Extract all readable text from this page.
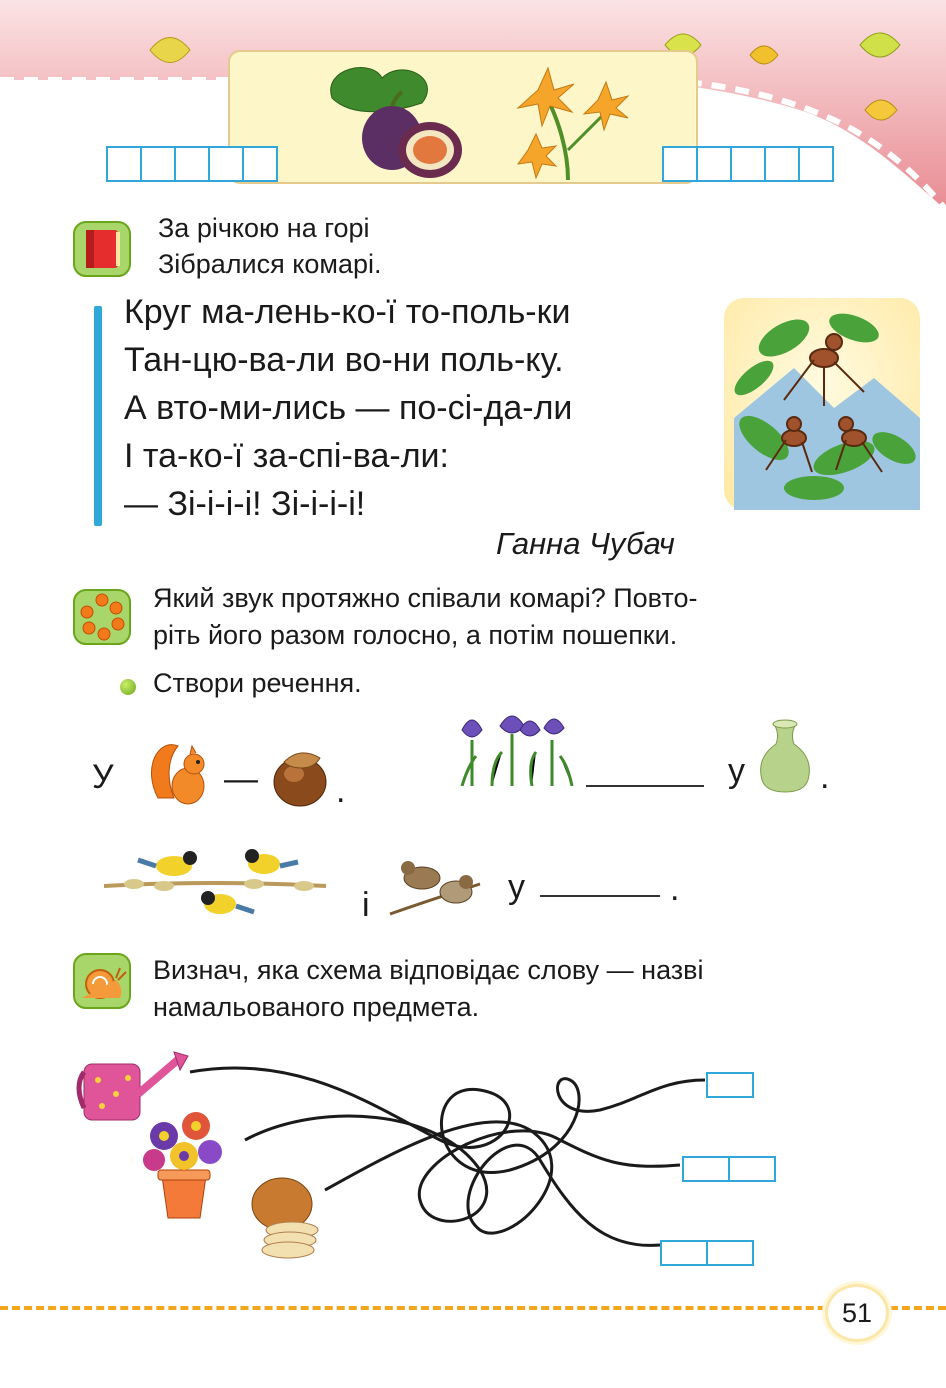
За річкою на горі
Зібралися комарі.
Круг ма-лень-ко-ї то-поль-ки
Тан-цю-ва-ли во-ни поль-ку.
А вто-ми-лись — по-сі-да-ли
І та-ко-ї за-спі-ва-ли:
— Зі-і-і-і! Зі-і-і-і!
Ганна Чубач
Який звук протяжно співали комарі? Повто-
ріть його разом голосно, а потім пошепки.
Створи речення.
У	— .
у .
і	у	.
Визнач, яка схема відповідає слову — назві
намальованого предмета.
51
